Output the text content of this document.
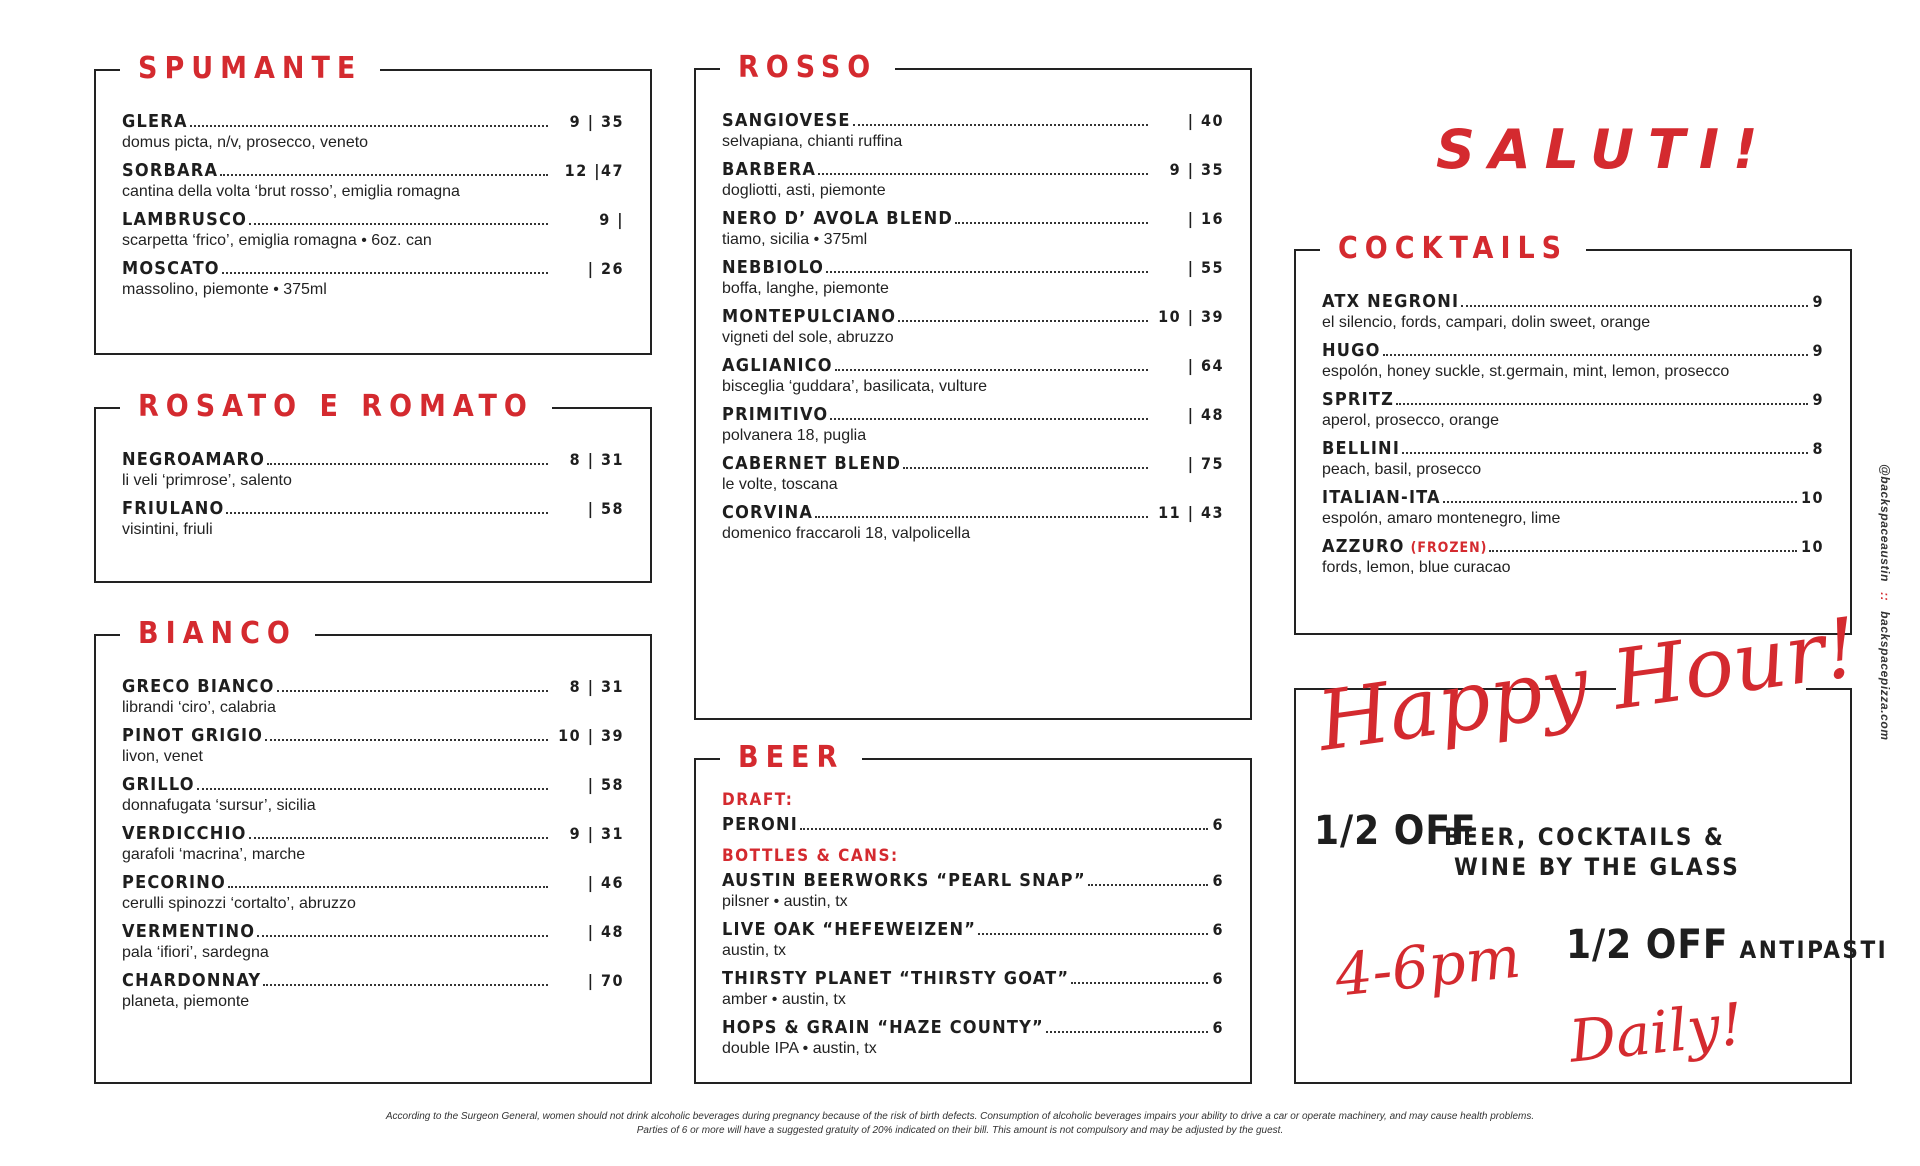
SPUMANTE
GLERA	9 | 35
domus picta, n/v, prosecco, veneto
SORBARA	12 |47
cantina della volta ‘brut rosso’, emiglia romagna
LAMBRUSCO	9 |
scarpetta ‘frico’, emiglia romagna • 6oz. can
MOSCATO	| 26
massolino, piemonte • 375ml
ROSATO E ROMATO
NEGROAMARO	8 | 31
li veli ‘primrose’, salento
FRIULANO	| 58
visintini, friuli
BIANCO
GRECO BIANCO	8 | 31
librandi ‘ciro’, calabria
PINOT GRIGIO	10 | 39
livon, venet
GRILLO	| 58
donnafugata ‘sursur’, sicilia
VERDICCHIO	9 | 31
garafoli ‘macrina’, marche
PECORINO	| 46
cerulli spinozzi ‘cortalto’, abruzzo
VERMENTINO	| 48
pala ‘ifiori’, sardegna
CHARDONNAY	| 70
planeta, piemonte
ROSSO
SANGIOVESE	| 40
selvapiana, chianti ruffina
BARBERA	9 | 35
dogliotti, asti, piemonte
NERO D’ AVOLA BLEND	| 16
tiamo, sicilia • 375ml
NEBBIOLO	| 55
boffa, langhe, piemonte
MONTEPULCIANO	10 | 39
vigneti del sole, abruzzo
AGLIANICO	| 64
bisceglia ‘guddara’, basilicata, vulture
PRIMITIVO	| 48
polvanera 18, puglia
CABERNET BLEND	| 75
le volte, toscana
CORVINA	11 | 43
domenico fraccaroli 18, valpolicella
BEER
DRAFT:
PERONI	6
BOTTLES & CANS:
AUSTIN BEERWORKS “PEARL SNAP”	6
pilsner • austin, tx
LIVE OAK “HEFEWEIZEN”	6
austin, tx
THIRSTY PLANET “THIRSTY GOAT”	6
amber • austin, tx
HOPS & GRAIN “HAZE COUNTY”	6
double IPA • austin, tx
SALUTI!
COCKTAILS
ATX NEGRONI	9
el silencio, fords, campari, dolin sweet, orange
HUGO	9
espolón, honey suckle, st.germain, mint, lemon, prosecco
SPRITZ	9
aperol, prosecco, orange
BELLINI	8
peach, basil, prosecco
ITALIAN-ITA	10
espolón, amaro montenegro, lime
AZZURO (FROZEN)	10
fords, lemon, blue curacao
Happy Hour!
1/2 OFF
BEER, COCKTAILS &
WINE BY THE GLASS
4-6pm 1/2 OFF ANTIPASTI
Daily!
@backspaceaustin :: backspacepizza.com
According to the Surgeon General, women should not drink alcoholic beverages during pregnancy because of the risk of birth defects. Consumption of alcoholic beverages impairs your ability to drive a car or operate machinery, and may cause health problems.
Parties of 6 or more will have a suggested gratuity of 20% indicated on their bill. This amount is not compulsory and may be adjusted by the guest.
